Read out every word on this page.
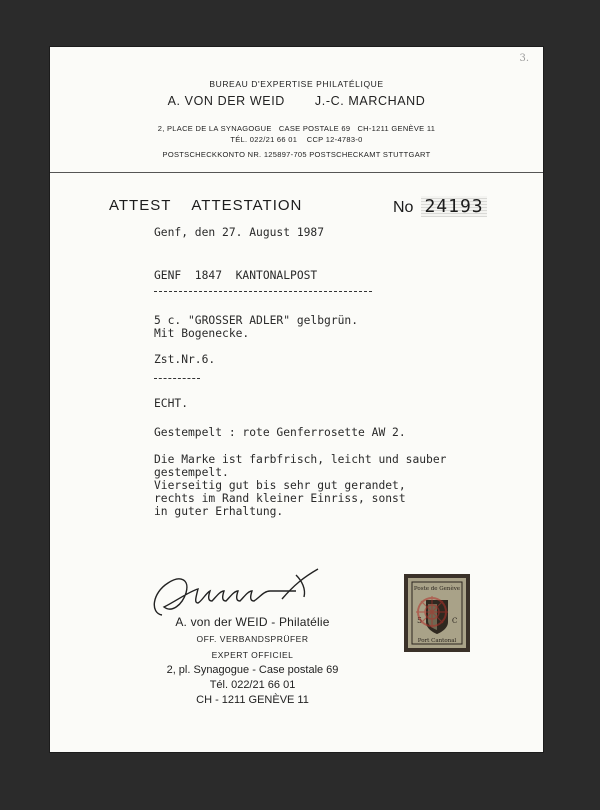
3.
BUREAU D'EXPERTISE PHILATÉLIQUE
A. VON DER WEID J.-C. MARCHAND
2, PLACE DE LA SYNAGOGUE   CASE POSTALE 69   CH-1211 GENÈVE 11
TÉL. 022/21 66 01    CCP 12-4783-0
POSTSCHECKKONTO NR. 125897-705 POSTSCHECKAMT STUTTGART
ATTEST ATTESTATION	No 24193
Genf, den 27. August 1987
GENF  1847  KANTONALPOST
5 c. "GROSSER ADLER" gelbgrün.
Mit Bogenecke.
Zst.Nr.6.
ECHT.
Gestempelt : rote Genferrosette AW 2.
Die Marke ist farbfrisch, leicht und sauber
gestempelt.
Vierseitig gut bis sehr gut gerandet,
rechts im Rand kleiner Einriss, sonst
in guter Erhaltung.
A. von der WEID - Philatélie
OFF. VERBANDSPRÜFER
EXPERT OFFICIEL
2, pl. Synagogue - Case postale 69
Tél. 022/21 66 01
CH - 1211 GENÈVE 11
Poste de Genève
Port Cantonal
5	C
